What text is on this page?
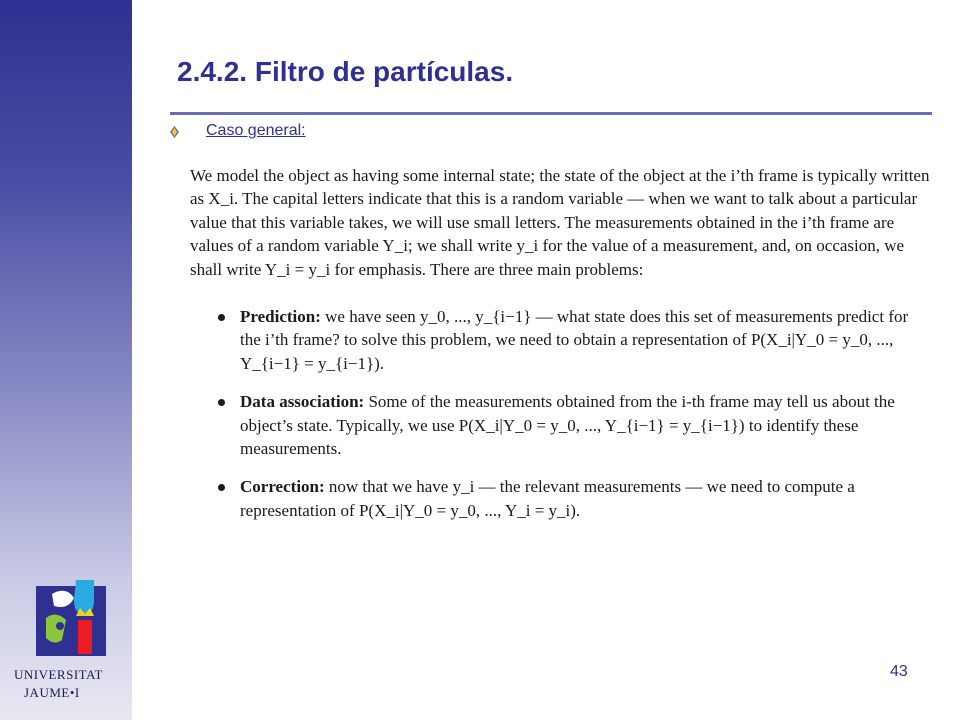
UNIVERSITAT
JAUME•I
2.4.2. Filtro de partículas.
Caso general:

We model the object as having some internal state; the state of the object at the i’th frame is typically written as X_i. The capital letters indicate that this is a random variable — when we want to talk about a particular value that this variable takes, we will use small letters. The measurements obtained in the i’th frame are values of a random variable Y_i; we shall write y_i for the value of a measurement, and, on occasion, we shall write Y_i = y_i for emphasis. There are three main problems:

Prediction: we have seen y_0, ..., y_{i−1} — what state does this set of measurements predict for the i’th frame? to solve this problem, we need to obtain a representation of P(X_i|Y_0 = y_0, ..., Y_{i−1} = y_{i−1}).
Data association: Some of the measurements obtained from the i-th frame may tell us about the object’s state. Typically, we use P(X_i|Y_0 = y_0, ..., Y_{i−1} = y_{i−1}) to identify these measurements.
Correction: now that we have y_i — the relevant measurements — we need to compute a representation of P(X_i|Y_0 = y_0, ..., Y_i = y_i).
43
